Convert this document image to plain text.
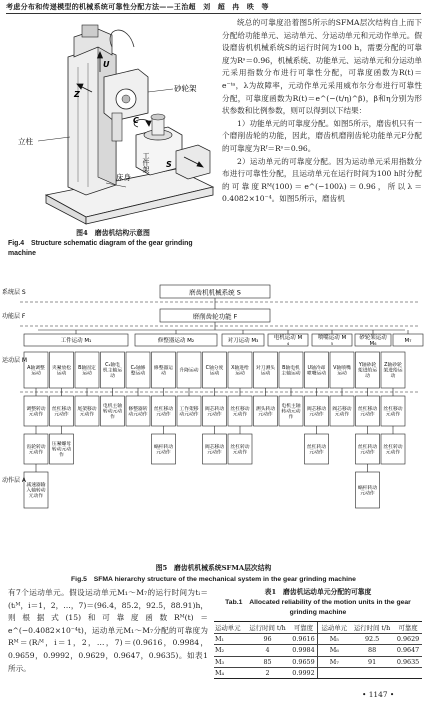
考虑分布和传递模型的机械系统可靠性分配方法——王治超　刘　超　冉　昳　等
U
Z
C
S
砂轮架
立柱
床身
工件架
图4　磨齿机结构示意图
Fig.4　Structure schematic diagram of the gear grinding machine

统总的可靠度沿着图5所示的SFMA层次结构自上而下分配给功能单元、运动单元、分运动单元和元动作单元。假设磨齿机机械系统S的运行时间为100 h，需要分配的可靠度为Rˢ＝0.96，机械系统、功能单元、运动单元和分运动单元采用指数分布进行可靠性分配，可靠度函数为R(t)＝e⁻ᵗᵃ，λ为故障率，元动作单元采用威布尔分布进行可靠性分配，可靠度函数为R(t)＝e^(−(t/η)^β)，β和η分别为形状参数和比例参数，则可以得到以下结果：

1）功能单元的可靠度分配。如图5所示，磨齿机只有一个磨削齿轮的功能，因此，磨齿机磨削齿轮功能单元F分配的可靠度为Rᶠ＝Rˢ＝0.96。

2）运动单元的可靠度分配。因为运动单元采用指数分布进行可靠性分配，且运动单元在运行时间为100 h时分配的可靠度Rᴹ(100)＝e^(−100λ)＝0.96，所以λ＝0.4082×10⁻⁴。如图5所示，磨齿机

工件运动 M₁	修整器运动 M₂	对刀运动 M₃
电机运动 M
₄
喷嘴运动 M
₅
砂轮架运动
M₆
M₇
A轴调整
运动
调整转动
元动作
夹紧放松
运动
丝杠移动
元动作
B轴固定
运动
尾架移动
元动作
C₁轴电
机主轴运
动
电机主轴
转动元动
作
C₂轴修
整运动
修整器转
动元动作
修整器运
动
丝杠移动
元动作
升降运动
工作架移
动元动作
C轴分度
运动
阀芯转动
元动作
X轴进给
运动
丝杠移动
元动作
对刀测头
运动
测头转动
元动作
B轴电机
主轴运动
电机主轴
转动元动
作
U轴冷却
喷嘴运动
阀芯移动
元动作
V轴喷嘴
运动
阀芯移动
元动作
Y轴砂轮
架进给运
动
丝杠移动
元动作
Z轴砂轮
架进给运
动
丝杠移动
元动作
齿轮转动
元动作
压紧螺母
转动元动
作
蜗杆转动
元动作
阀芯移动
元动作
丝杠转动
元动作
丝杠转动
元动作
丝杠转动
元动作
丝杠转动
元动作
减速器输
入轴转动
元动作
蜗杆转动
元动作
系统层 S
功能层 F
运动层 M
动作层 A
磨齿机机械系统 S
磨削齿轮功能 F
图5　磨齿机机械系统SFMA层次结构
Fig.5　SFMA hierarchy structure of the mechanical system in the gear grinding machine

有7个运动单元。假设运动单元M₁～M₇的运行时间为tᵢ＝(tᵢᴹ，i＝1，2，…，7)＝(96.4，85.2，92.5，88.91)h，则根据式(15)和可靠度函数Rᴹ(t)＝e^(−0.4082×10⁻⁴t)，运动单元M₁～M₇分配的可靠度为Rᴹ＝(Rᵢᴹ，i＝1，2，…，7)＝(0.9616，0.9984，0.9659，0.9992，0.9629，0.9647，0.9635)。如表1所示。

表1　磨齿机运动单元分配的可靠度
Tab.1　Allocated reliability of the motion units in the gear grinding machine
运动单元	运行时间 t/h	可靠度	运动单元	运行时间 t/h	可靠度
M₁	96	0.9616	M₅	92.5	0.9629
M₂	4	0.9984	M₆	88	0.9647
M₃	85	0.9659	M₇	91	0.9635
M₄	2	0.9992			
• 1147 •
